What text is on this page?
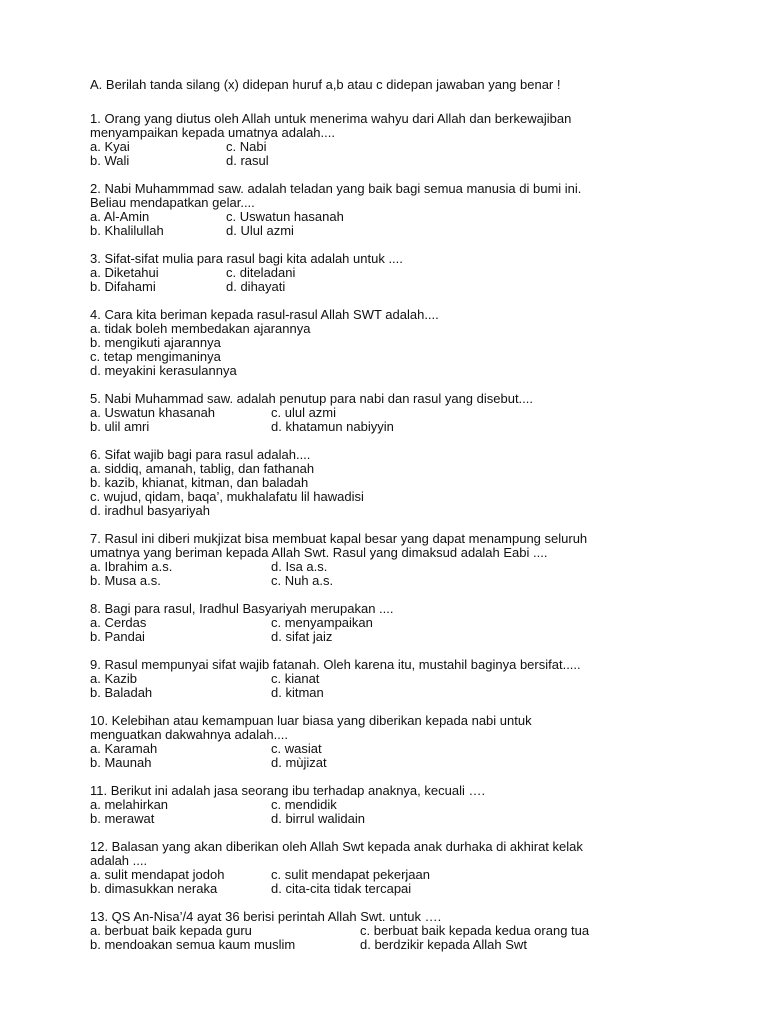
A. Berilah tanda silang (x) didepan huruf a,b atau c didepan jawaban yang benar !
1. Orang yang diutus oleh Allah untuk menerima wahyu dari Allah dan berkewajiban
menyampaikan kepada umatnya adalah....
a. Kyai	c. Nabi
b. Wali	d. rasul
2. Nabi Muhammmad saw. adalah teladan yang baik bagi semua manusia di bumi ini.
Beliau mendapatkan gelar....
a. Al-Amin	c. Uswatun hasanah
b. Khalilullah	d. Ulul azmi
3. Sifat-sifat mulia para rasul bagi kita adalah untuk ....
a. Diketahui	c. diteladani
b. Difahami	d. dihayati
4. Cara kita beriman kepada rasul-rasul Allah SWT adalah....
a. tidak boleh membedakan ajarannya
b. mengikuti ajarannya
c. tetap mengimaninya
d. meyakini kerasulannya
5. Nabi Muhammad saw. adalah penutup para nabi dan rasul yang disebut....
a. Uswatun khasanah	c. ulul azmi
b. ulil amri	d. khatamun nabiyyin
6. Sifat wajib bagi para rasul adalah....
a. siddiq, amanah, tablig, dan fathanah
b. kazib, khianat, kitman, dan baladah
c. wujud, qidam, baqa’, mukhalafatu lil hawadisi
d. iradhul basyariyah
7. Rasul ini diberi mukjizat bisa membuat kapal besar yang dapat menampung seluruh
umatnya yang beriman kepada Allah Swt. Rasul yang dimaksud adalah Eabi ....
a. Ibrahim a.s.	d. Isa a.s.
b. Musa a.s.	c. Nuh a.s.
8. Bagi para rasul, Iradhul Basyariyah merupakan ....
a. Cerdas	c. menyampaikan
b. Pandai	d. sifat jaiz
9. Rasul mempunyai sifat wajib fatanah. Oleh karena itu, mustahil baginya bersifat.....
a. Kazib	c. kianat
b. Baladah	d. kitman
10. Kelebihan atau kemampuan luar biasa yang diberikan kepada nabi untuk
menguatkan dakwahnya adalah....
a. Karamah	c. wasiat
b. Maunah	d. mùjizat
11. Berikut ini adalah jasa seorang ibu terhadap anaknya, kecuali ….
a. melahirkan	c. mendidik
b. merawat	d. birrul walidain
12. Balasan yang akan diberikan oleh Allah Swt kepada anak durhaka di akhirat kelak
adalah ....
a. sulit mendapat jodoh	c. sulit mendapat pekerjaan
b. dimasukkan neraka	d. cita-cita tidak tercapai
13. QS An-Nisa’/4 ayat 36 berisi perintah Allah Swt. untuk ….
a. berbuat baik kepada guru	c. berbuat baik kepada kedua orang tua
b. mendoakan semua kaum muslim	d. berdzikir kepada Allah Swt
